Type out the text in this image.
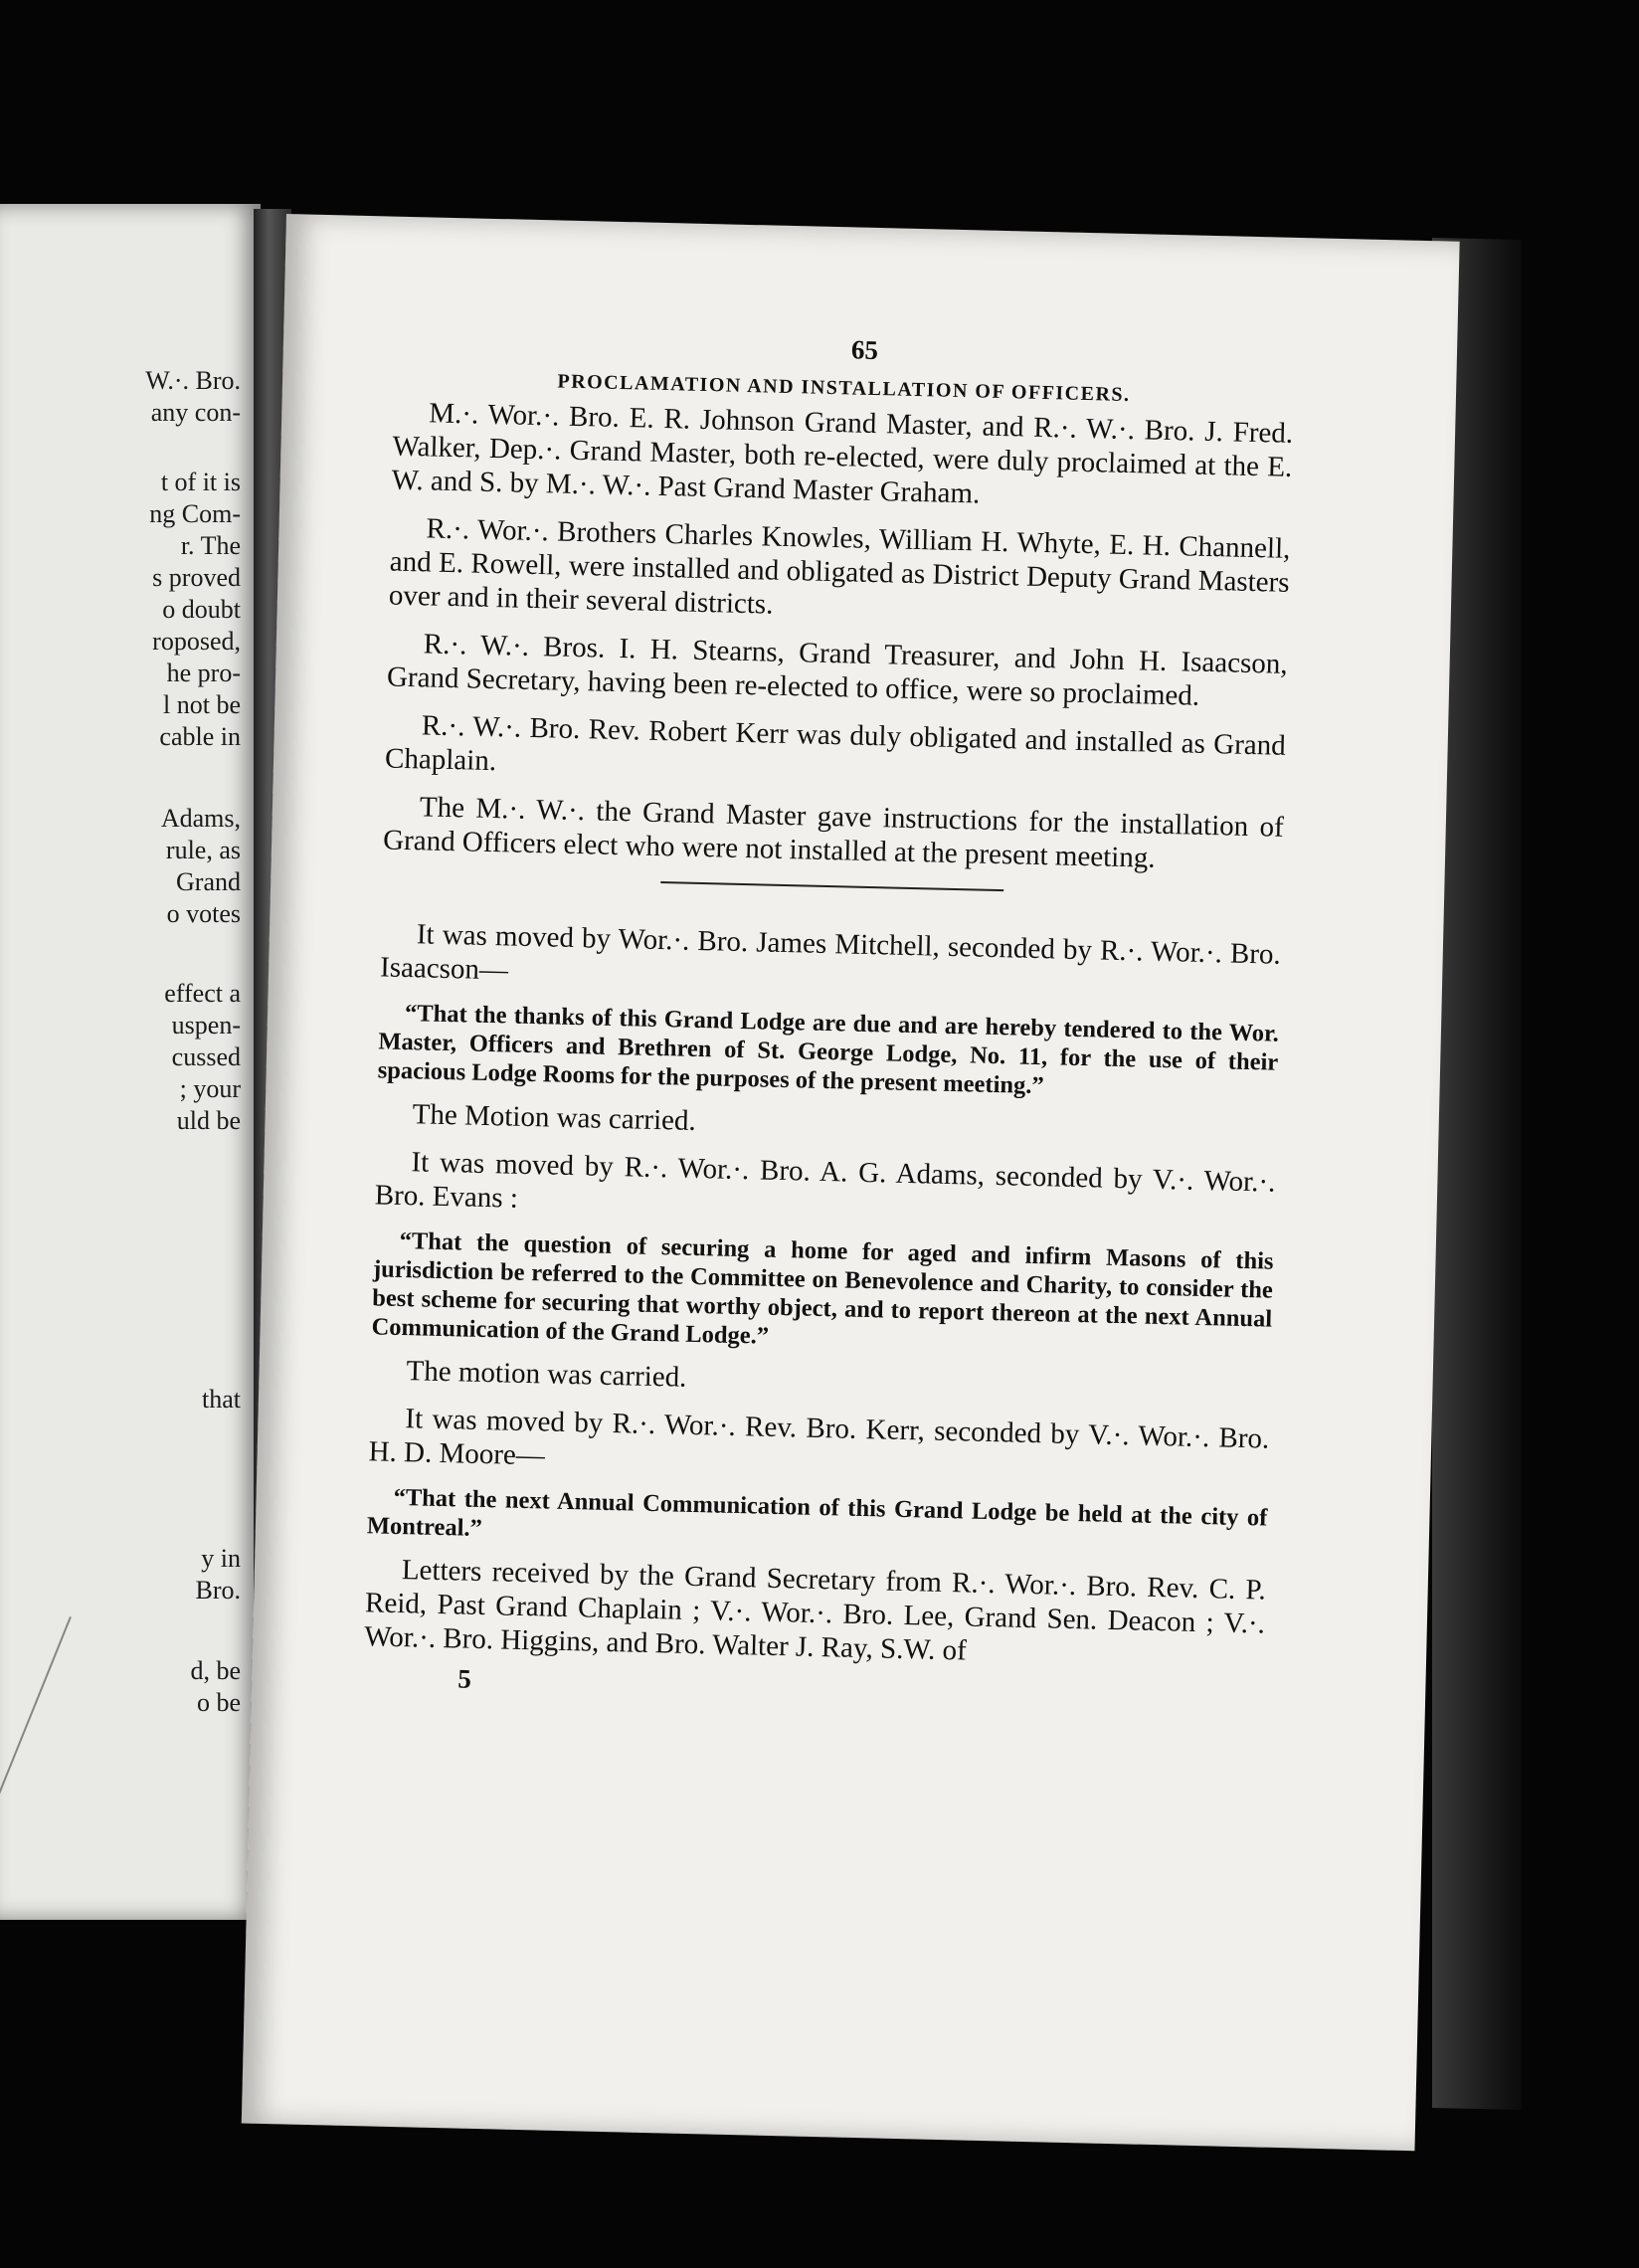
W.·. Bro.
any con-
t of it is
ng Com-
r. The
s proved
o doubt
roposed,
he pro-
l not be
cable in
Adams,
rule, as
Grand
o votes
effect a
uspen-
cussed
; your
uld be
that
y in
Bro.
d, be
o be
65
PROCLAMATION AND INSTALLATION OF OFFICERS.

M.·. Wor.·. Bro. E. R. Johnson Grand Master, and R.·. W.·. Bro. J. Fred. Walker, Dep.·. Grand Master, both re-elected, were duly proclaimed at the E. W. and S. by M.·. W.·. Past Grand Master Graham.

R.·. Wor.·. Brothers Charles Knowles, William H. Whyte, E. H. Channell, and E. Rowell, were installed and obligated as District Deputy Grand Masters over and in their several districts.

R.·. W.·. Bros. I. H. Stearns, Grand Treasurer, and John H. Isaacson, Grand Secretary, having been re-elected to office, were so proclaimed.

R.·. W.·. Bro. Rev. Robert Kerr was duly obligated and installed as Grand Chaplain.

The M.·. W.·. the Grand Master gave instructions for the installation of Grand Officers elect who were not installed at the present meeting.

It was moved by Wor.·. Bro. James Mitchell, seconded by R.·. Wor.·. Bro. Isaacson—

“That the thanks of this Grand Lodge are due and are hereby tendered to the Wor. Master, Officers and Brethren of St. George Lodge, No. 11, for the use of their spacious Lodge Rooms for the purposes of the present meeting.”

The Motion was carried.

It was moved by R.·. Wor.·. Bro. A. G. Adams, seconded by V.·. Wor.·. Bro. Evans :

“That the question of securing a home for aged and infirm Masons of this jurisdiction be referred to the Committee on Benevolence and Charity, to consider the best scheme for securing that worthy object, and to report thereon at the next Annual Communication of the Grand Lodge.”

The motion was carried.

It was moved by R.·. Wor.·. Rev. Bro. Kerr, seconded by V.·. Wor.·. Bro. H. D. Moore—

“That the next Annual Communication of this Grand Lodge be held at the city of Montreal.”

Letters received by the Grand Secretary from R.·. Wor.·. Bro. Rev. C. P. Reid, Past Grand Chaplain ; V.·. Wor.·. Bro. Lee, Grand Sen. Deacon ; V.·. Wor.·. Bro. Higgins, and Bro. Walter J. Ray, S.W. of

5
